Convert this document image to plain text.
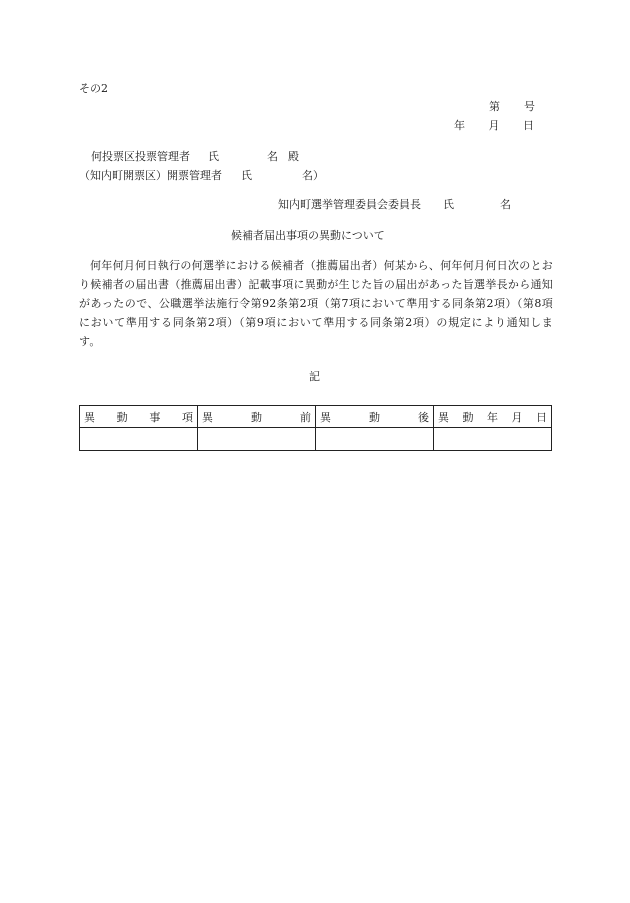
その2
第 号
年 月 日
何投票区投票管理者 氏	名 殿
（知内町開票区）開票管理者 氏	名）
知内町選挙管理委員会委員長 氏	名
候補者届出事項の異動について
何年何月何日執行の何選挙における候補者（推薦届出者）何某から、何年何月何日次のとおり候補者の届出書（推薦届出書）記載事項に異動が生じた旨の届出があった旨選挙長から通知があったので、公職選挙法施行令第92条第2項（第7項において準用する同条第2項）（第8項において準用する同条第2項）（第9項において準用する同条第2項）の規定により通知します。
記
異 動 事 項	異 動 前	異 動 後	異 動 年 月 日
